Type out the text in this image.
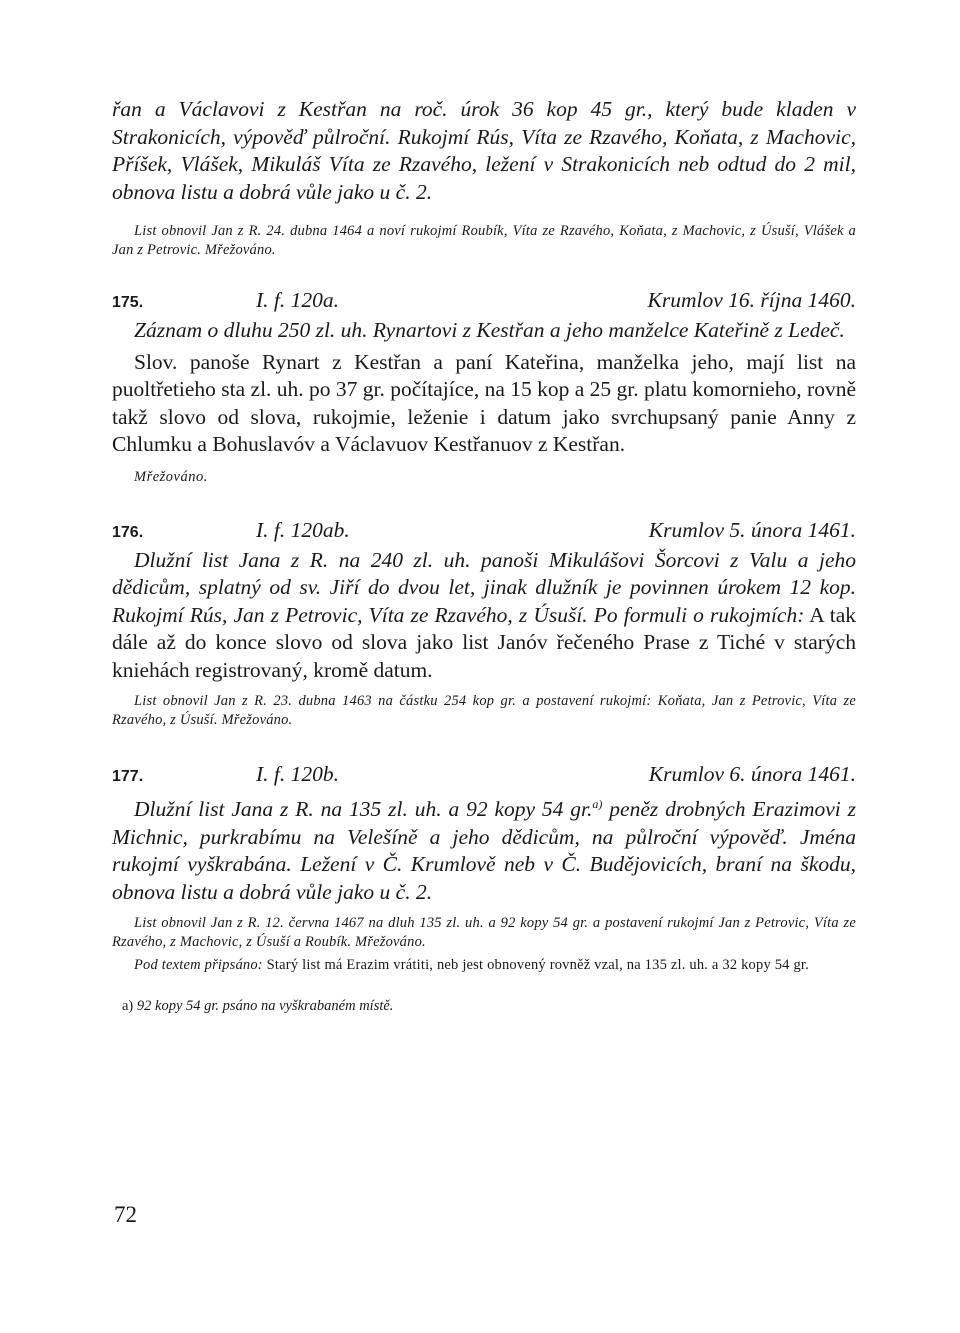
řan a Václavovi z Kestřan na roč. úrok 36 kop 45 gr., který bude kladen v Strakonicích, výpověď půlroční. Rukojmí Rús, Víta ze Rzavého, Koňata, z Machovic, Příšek, Vlášek, Mikuláš Víta ze Rzavého, ležení v Strakonicích neb odtud do 2 mil, obnova listu a dobrá vůle jako u č. 2.

List obnovil Jan z R. 24. dubna 1464 a noví rukojmí Roubík, Víta ze Rzavého, Koňata, z Machovic, z Úsuší, Vlášek a Jan z Petrovic. Mřežováno.

175.	I. f. 120a.	Krumlov 16. října 1460.

Záznam o dluhu 250 zl. uh. Rynartovi z Kestřan a jeho manželce Kateřině z Ledeč.

Slov. panoše Rynart z Kestřan a paní Kateřina, manželka jeho, mají list na puoltřetieho sta zl. uh. po 37 gr. počítajíce, na 15 kop a 25 gr. platu komornieho, rovně takž slovo od slova, rukojmie, leženie i datum jako svrchupsaný panie Anny z Chlumku a Bohuslavóv a Václavuov Kestřanuov z Kestřan.

Mřežováno.

176.	I. f. 120ab.	Krumlov 5. února 1461.

Dlužní list Jana z R. na 240 zl. uh. panoši Mikulášovi Šorcovi z Valu a jeho dědicům, splatný od sv. Jiří do dvou let, jinak dlužník je povinnen úrokem 12 kop. Rukojmí Rús, Jan z Petrovic, Víta ze Rzavého, z Úsuší. Po formuli o rukojmích: A tak dále až do konce slovo od slova jako list Janóv řečeného Prase z Tiché v starých kniehách registrovaný, kromě datum.

List obnovil Jan z R. 23. dubna 1463 na částku 254 kop gr. a postavení rukojmí: Koňata, Jan z Petrovic, Víta ze Rzavého, z Úsuší. Mřežováno.

177.	I. f. 120b.	Krumlov 6. února 1461.

Dlužní list Jana z R. na 135 zl. uh. a 92 kopy 54 gr.$^{a)}$ peněz drobných Erazimovi z Michnic, purkrabímu na Velešíně a jeho dědicům, na půlroční výpověď. Jména rukojmí vyškrabána. Ležení v Č. Krumlově neb v Č. Budějovicích, braní na škodu, obnova listu a dobrá vůle jako u č. 2.

List obnovil Jan z R. 12. června 1467 na dluh 135 zl. uh. a 92 kopy 54 gr. a postavení rukojmí Jan z Petrovic, Víta ze Rzavého, z Machovic, z Úsuší a Roubík. Mřežováno.

Pod textem připsáno: Starý list má Erazim vrátiti, neb jest obnovený rovněž vzal, na 135 zl. uh. a 32 kopy 54 gr.

a) 92 kopy 54 gr. psáno na vyškrabaném místě.

72
